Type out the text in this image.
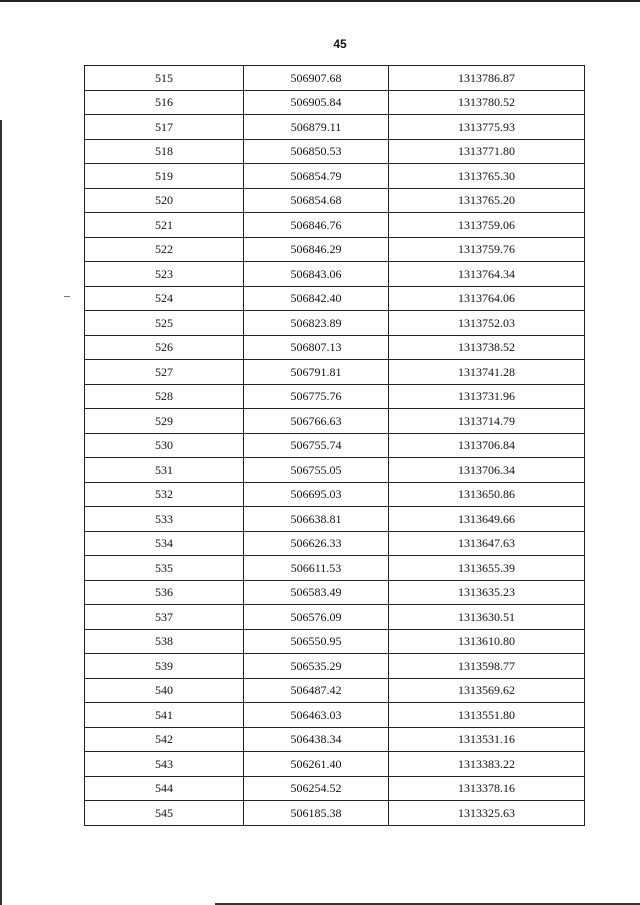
45
515	506907.68	1313786.87
516	506905.84	1313780.52
517	506879.11	1313775.93
518	506850.53	1313771.80
519	506854.79	1313765.30
520	506854.68	1313765.20
521	506846.76	1313759.06
522	506846.29	1313759.76
523	506843.06	1313764.34
524	506842.40	1313764.06
525	506823.89	1313752.03
526	506807.13	1313738.52
527	506791.81	1313741.28
528	506775.76	1313731.96
529	506766.63	1313714.79
530	506755.74	1313706.84
531	506755.05	1313706.34
532	506695.03	1313650.86
533	506638.81	1313649.66
534	506626.33	1313647.63
535	506611.53	1313655.39
536	506583.49	1313635.23
537	506576.09	1313630.51
538	506550.95	1313610.80
539	506535.29	1313598.77
540	506487.42	1313569.62
541	506463.03	1313551.80
542	506438.34	1313531.16
543	506261.40	1313383.22
544	506254.52	1313378.16
545	506185.38	1313325.63
